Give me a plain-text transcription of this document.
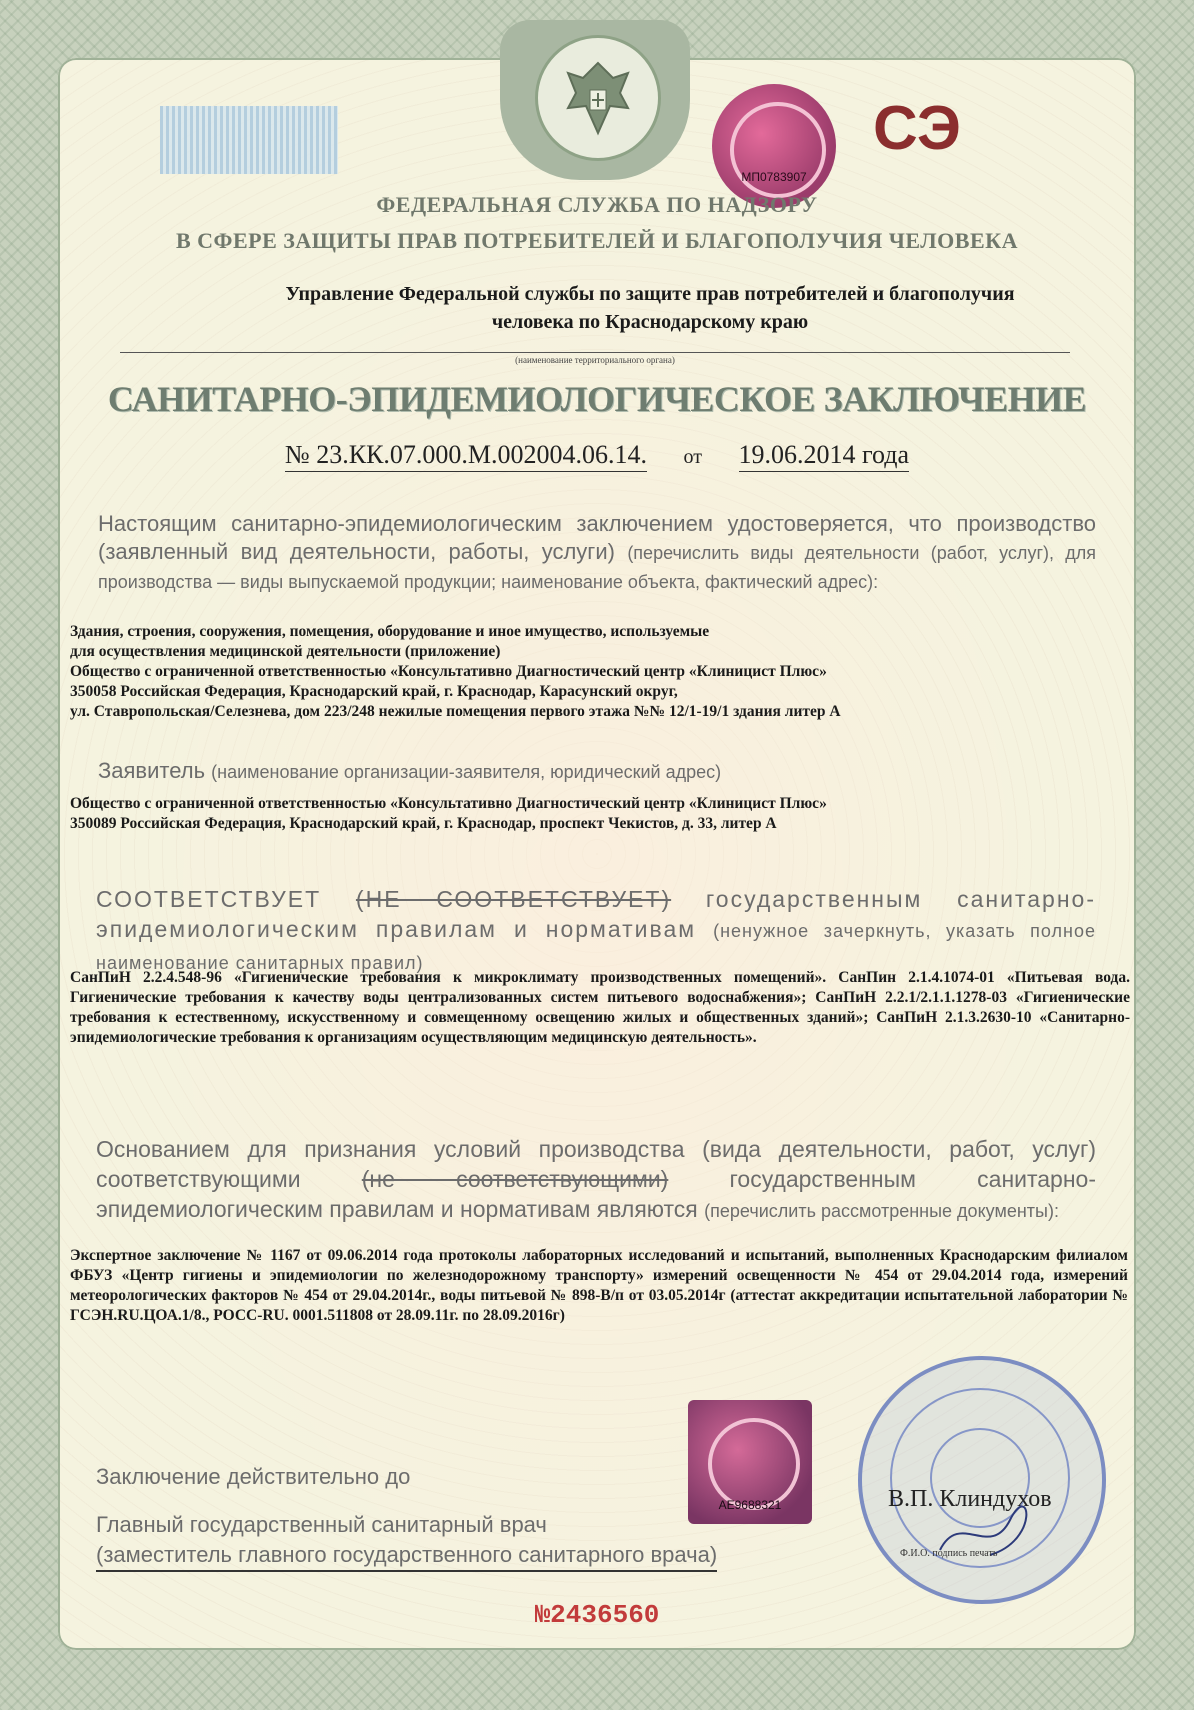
МП0783907
СЭ
ФЕДЕРАЛЬНАЯ СЛУЖБА ПО НАДЗОРУ
В СФЕРЕ ЗАЩИТЫ ПРАВ ПОТРЕБИТЕЛЕЙ И БЛАГОПОЛУЧИЯ ЧЕЛОВЕКА
Управление Федеральной службы по защите прав потребителей и благополучия
человека по Краснодарскому краю
(наименование территориального органа)
САНИТАРНО-ЭПИДЕМИОЛОГИЧЕСКОЕ ЗАКЛЮЧЕНИЕ
№ 23.КК.07.000.М.002004.06.14. от 19.06.2014 года
Настоящим санитарно-эпидемиологическим заключением удостоверяется, что производство (заявленный вид деятельности, работы, услуги) (перечислить виды деятельности (работ, услуг), для производства — виды выпускаемой продукции; наименование объекта, фактический адрес):
Здания, строения, сооружения, помещения, оборудование и иное имущество, используемые
для осуществления медицинской деятельности (приложение)
Общество с ограниченной ответственностью «Консультативно Диагностический центр «Клиницист Плюс»
350058 Российская Федерация, Краснодарский край, г. Краснодар, Карасунский округ,
ул. Ставропольская/Селезнева, дом 223/248 нежилые помещения первого этажа №№ 12/1-19/1 здания литер А
Заявитель (наименование организации-заявителя, юридический адрес)
Общество с ограниченной ответственностью «Консультативно Диагностический центр «Клиницист Плюс»
350089 Российская Федерация, Краснодарский край, г. Краснодар, проспект Чекистов, д. 33, литер А
СООТВЕТСТВУЕТ (НЕ СООТВЕТСТВУЕТ) государственным санитарно-эпидемиологическим правилам и нормативам (ненужное зачеркнуть, указать полное наименование санитарных правил)
СанПиН 2.2.4.548-96 «Гигиенические требования к микроклимату производственных помещений». СанПин 2.1.4.1074-01 «Питьевая вода. Гигиенические требования к качеству воды централизованных систем питьевого водоснабжения»; СанПиН 2.2.1/2.1.1.1278-03 «Гигиенические требования к естественному, искусственному и совмещенному освещению жилых и общественных зданий»; СанПиН 2.1.3.2630-10 «Санитарно-эпидемиологические требования к организациям осуществляющим медицинскую деятельность».
Основанием для признания условий производства (вида деятельности, работ, услуг) соответствующими	(не соответствующими)	государственным санитарно-эпидемиологическим правилам и нормативам являются (перечислить рассмотренные документы):
Экспертное заключение № 1167 от 09.06.2014 года протоколы лабораторных исследований и испытаний, выполненных Краснодарским филиалом ФБУЗ «Центр гигиены и эпидемиологии по железнодорожному транспорту» измерений освещенности № 454 от 29.04.2014 года, измерений метеорологических факторов № 454 от 29.04.2014г., воды питьевой № 898-В/п от 03.05.2014г (аттестат аккредитации испытательной лаборатории № ГСЭН.RU.ЦОА.1/8., РОСС-RU. 0001.511808 от 28.09.11г. по 28.09.2016г)
АЕ9688321
Заключение действительно до
Главный государственный санитарный врач
(заместитель главного государственного санитарного врача)
В.П. Клиндухов
Ф.И.О. подпись печать
№2436560
